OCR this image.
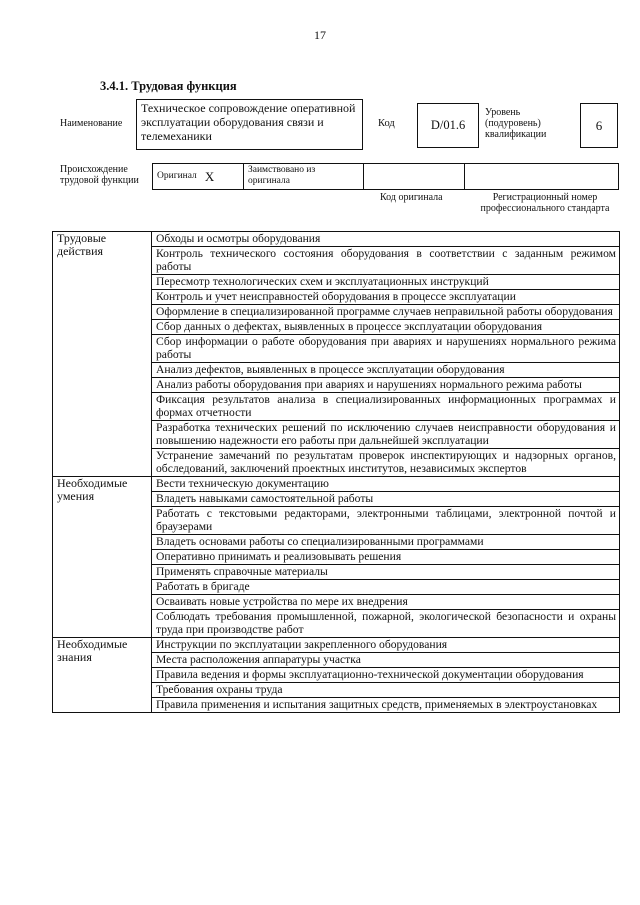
17
3.4.1. Трудовая функция
Наименование
Техническое сопровождение оперативной эксплуатации оборудования связи и телемеханики
Код	D/01.6
Уровень (подуровень) квалификации
6
Происхождение трудовой функции	Оригинал X	Заимствовано из оригинала
Код оригинала	Регистрационный номер профессионального стандарта
Трудовые действия	Обходы и осмотры оборудования
	Контроль технического состояния оборудования в соответствии с заданным режимом работы
	Пересмотр технологических схем и эксплуатационных инструкций
	Контроль и учет неисправностей оборудования в процессе эксплуатации
	Оформление в специализированной программе случаев неправильной работы оборудования
	Сбор данных о дефектах, выявленных в процессе эксплуатации оборудования
	Сбор информации о работе оборудования при авариях и нарушениях нормального режима работы
	Анализ дефектов, выявленных в процессе эксплуатации оборудования
	Анализ работы оборудования при авариях и нарушениях нормального режима работы
	Фиксация результатов анализа в специализированных информационных программах и формах отчетности
	Разработка технических решений по исключению случаев неисправности оборудования и повышению надежности его работы при дальнейшей эксплуатации
	Устранение замечаний по результатам проверок инспектирующих и надзорных органов, обследований, заключений проектных институтов, независимых экспертов
Необходимые умения	Вести техническую документацию
	Владеть навыками самостоятельной работы
	Работать с текстовыми редакторами, электронными таблицами, электронной почтой и браузерами
	Владеть основами работы со специализированными программами
	Оперативно принимать и реализовывать решения
	Применять справочные материалы
	Работать в бригаде
	Осваивать новые устройства по мере их внедрения
	Соблюдать требования промышленной, пожарной, экологической безопасности и охраны труда при производстве работ
Необходимые знания	Инструкции по эксплуатации закрепленного оборудования
	Места расположения аппаратуры участка
	Правила ведения и формы эксплуатационно-технической документации оборудования
	Требования охраны труда
	Правила применения и испытания защитных средств, применяемых в электроустановках
